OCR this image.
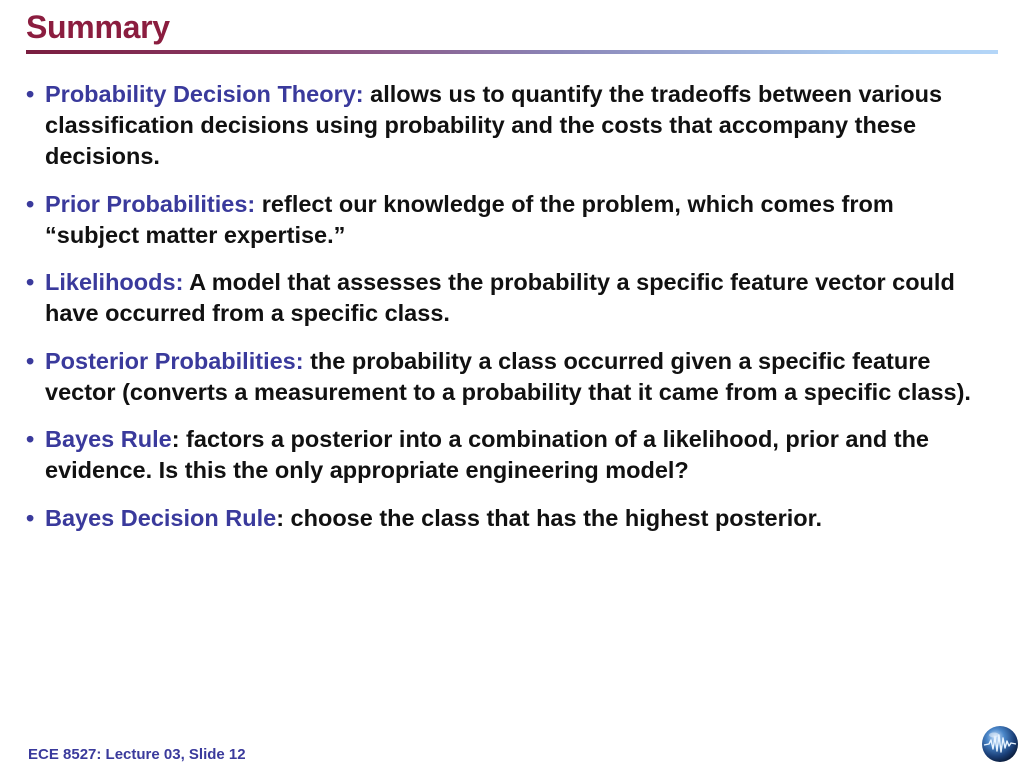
Summary
• Probability Decision Theory: allows us to quantify the tradeoffs between various classification decisions using probability and the costs that accompany these decisions.
• Prior Probabilities: reflect our knowledge of the problem, which comes from “subject matter expertise.”
• Likelihoods: A model that assesses the probability a specific feature vector could have occurred from a specific class.
• Posterior Probabilities: the probability a class occurred given a specific feature vector (converts a measurement to a probability that it came from a specific class).
• Bayes Rule: factors a posterior into a combination of a likelihood, prior and the evidence. Is this the only appropriate engineering model?
• Bayes Decision Rule: choose the class that has the highest posterior.

ECE 8527: Lecture 03, Slide 12
